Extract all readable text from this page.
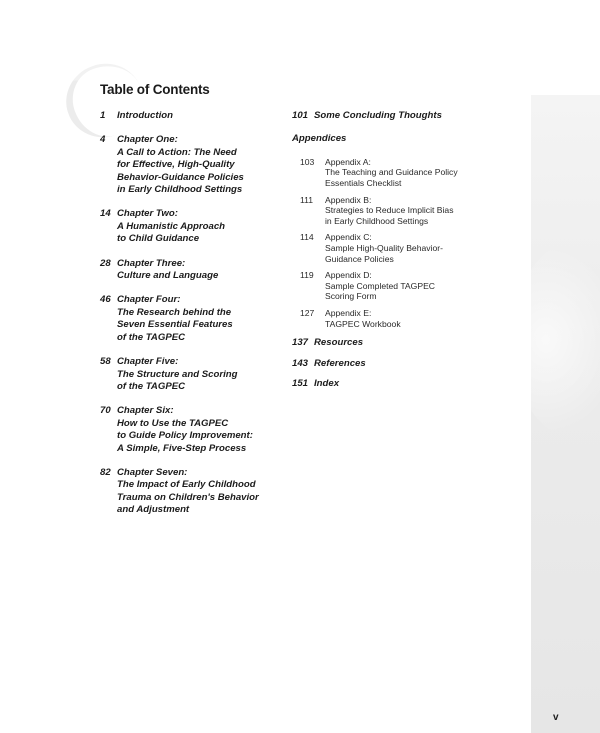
Table of Contents
1	Introduction
4	Chapter One:
A Call to Action: The Need
for Effective, High-Quality
Behavior-Guidance Policies
in Early Childhood Settings
14 Chapter Two:
A Humanistic Approach
to Child Guidance
28 Chapter Three:
Culture and Language
46 Chapter Four:
The Research behind the
Seven Essential Features
of the TAGPEC
58 Chapter Five:
The Structure and Scoring
of the TAGPEC
70 Chapter Six:
How to Use the TAGPEC
to Guide Policy Improvement:
A Simple, Five-Step Process
82 Chapter Seven:
The Impact of Early Childhood
Trauma on Children's Behavior
and Adjustment
101 Some Concluding Thoughts
Appendices
103	Appendix A:
The Teaching and Guidance Policy
Essentials Checklist
111	Appendix B:
Strategies to Reduce Implicit Bias
in Early Childhood Settings
114	Appendix C:
Sample High-Quality Behavior-
Guidance Policies
119	Appendix D:
Sample Completed TAGPEC
Scoring Form
127	Appendix E:
TAGPEC Workbook
137 Resources
143 References
151 Index

v
